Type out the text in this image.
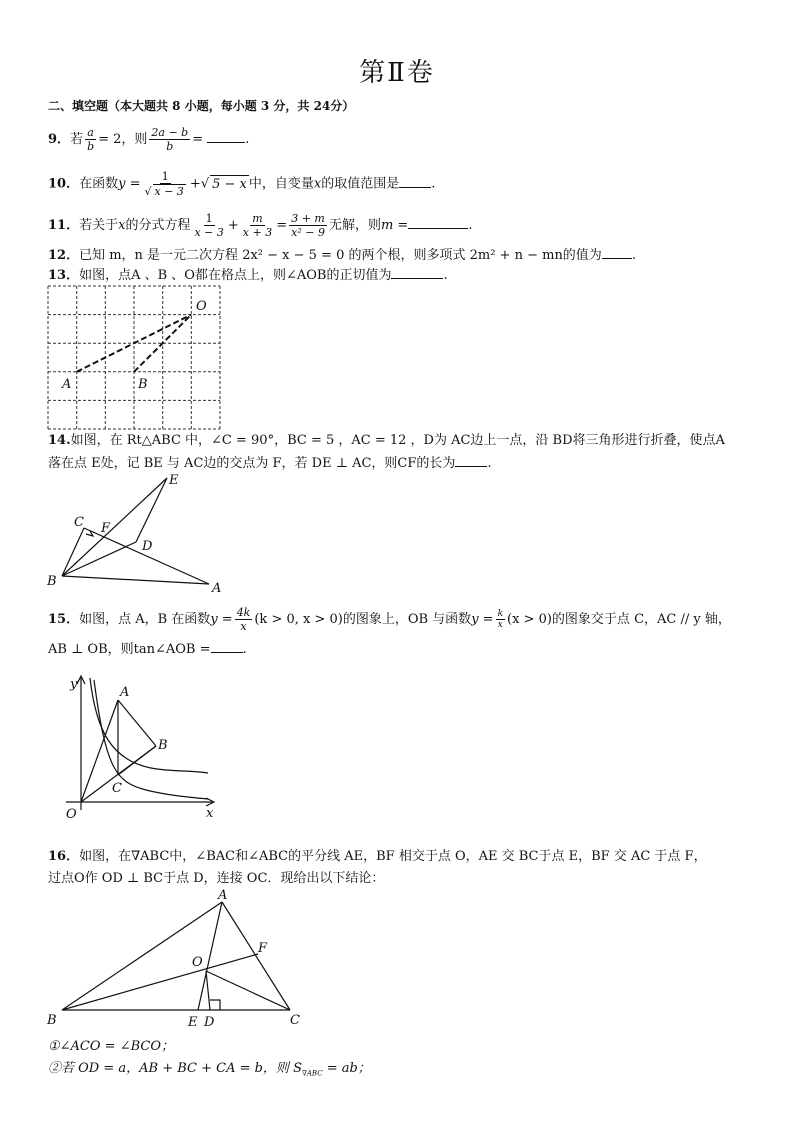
第Ⅱ卷
二、填空题（本大题共 8 小题，每小题 3 分，共 24分）
9．若 $\frac{a}{b} = 2$，则 $\frac{2a - b}{b}$ =	.
10．在函数$y = \frac{1}{√ x - 3}$ +√ 5 − x 中，自变量x的取值范围是 .
11．若关于x的分式方程 $\frac{1}{x - 3} + \frac{m}{x + 3} = \frac{3 + m}{\text{x² − 9}}$ 无解，则m =	.
12．已知 m，n 是一元二次方程 2x² − x − 5 = 0 的两个根，则多项式 2m² + n − mn的值为 .
13．如图，点A 、B 、O都在格点上，则∠AOB的正切值为	.
O
A	B
14.如图，在 Rt△ABC 中，∠C = 90°，BC = 5 ，AC = 12 ，D为 AC边上一点，沿 BD将三角形进行折叠，使点A
落在点 E处，记 BE 与 AC边的交点为 F，若 DE ⊥ AC，则CF的长为 .
E
C F
D
B	A
15．如图，点 A，B 在函数$y = \frac{4k}{x} (k > 0$, x > 0)的图象上，OB 与函数$y = \frac{k}{x} (x > 0)$的图象交于点 C，AC // y 轴，
AB ⊥ OB，则tan∠AOB = .
y
A
B
C
O	x
16．如图，在∇ABC中，∠BAC和∠ABC的平分线 AE，BF 相交于点 O，AE 交 BC于点 E，BF 交 AC 于点 F，
过点O作 OD ⊥ BC于点 D，连接 OC．现给出以下结论：
A
F
O
B	E D	C
①∠ACO = ∠BCO；
②若 OD = a，AB + BC + CA = b，则 $S_{\nabla ABC}$ = ab；
